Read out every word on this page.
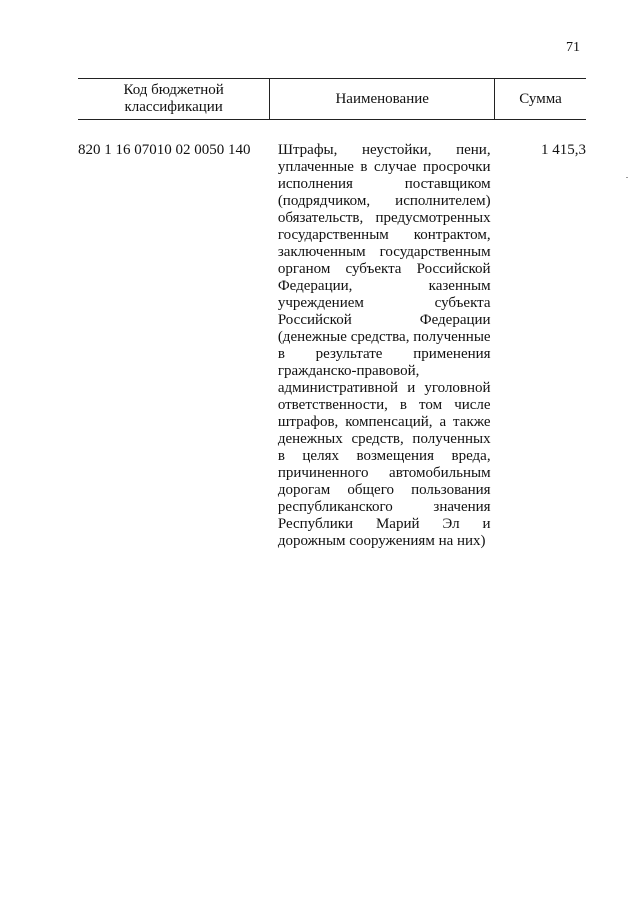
71
Код бюджетной классификации	Наименование	Сумма

820 1 16 07010 02 0050 140	Штрафы, неустойки, пени, уплаченные в случае просрочки исполнения поставщиком (подрядчиком, исполнителем) обязательств, предусмотренных государственным контрактом, заключенным государственным органом субъекта Российской Федерации, казенным учреждением субъекта Российской Федерации (денежные средства, полученные в результате применения гражданско-правовой, административной и уголовной ответственности, в том числе штрафов, компенсаций, а также денежных средств, полученных в целях возмещения вреда, причиненного автомобильным дорогам общего пользования республиканского значения Республики Марий Эл и дорожным сооружениям на них)	1 415,3
